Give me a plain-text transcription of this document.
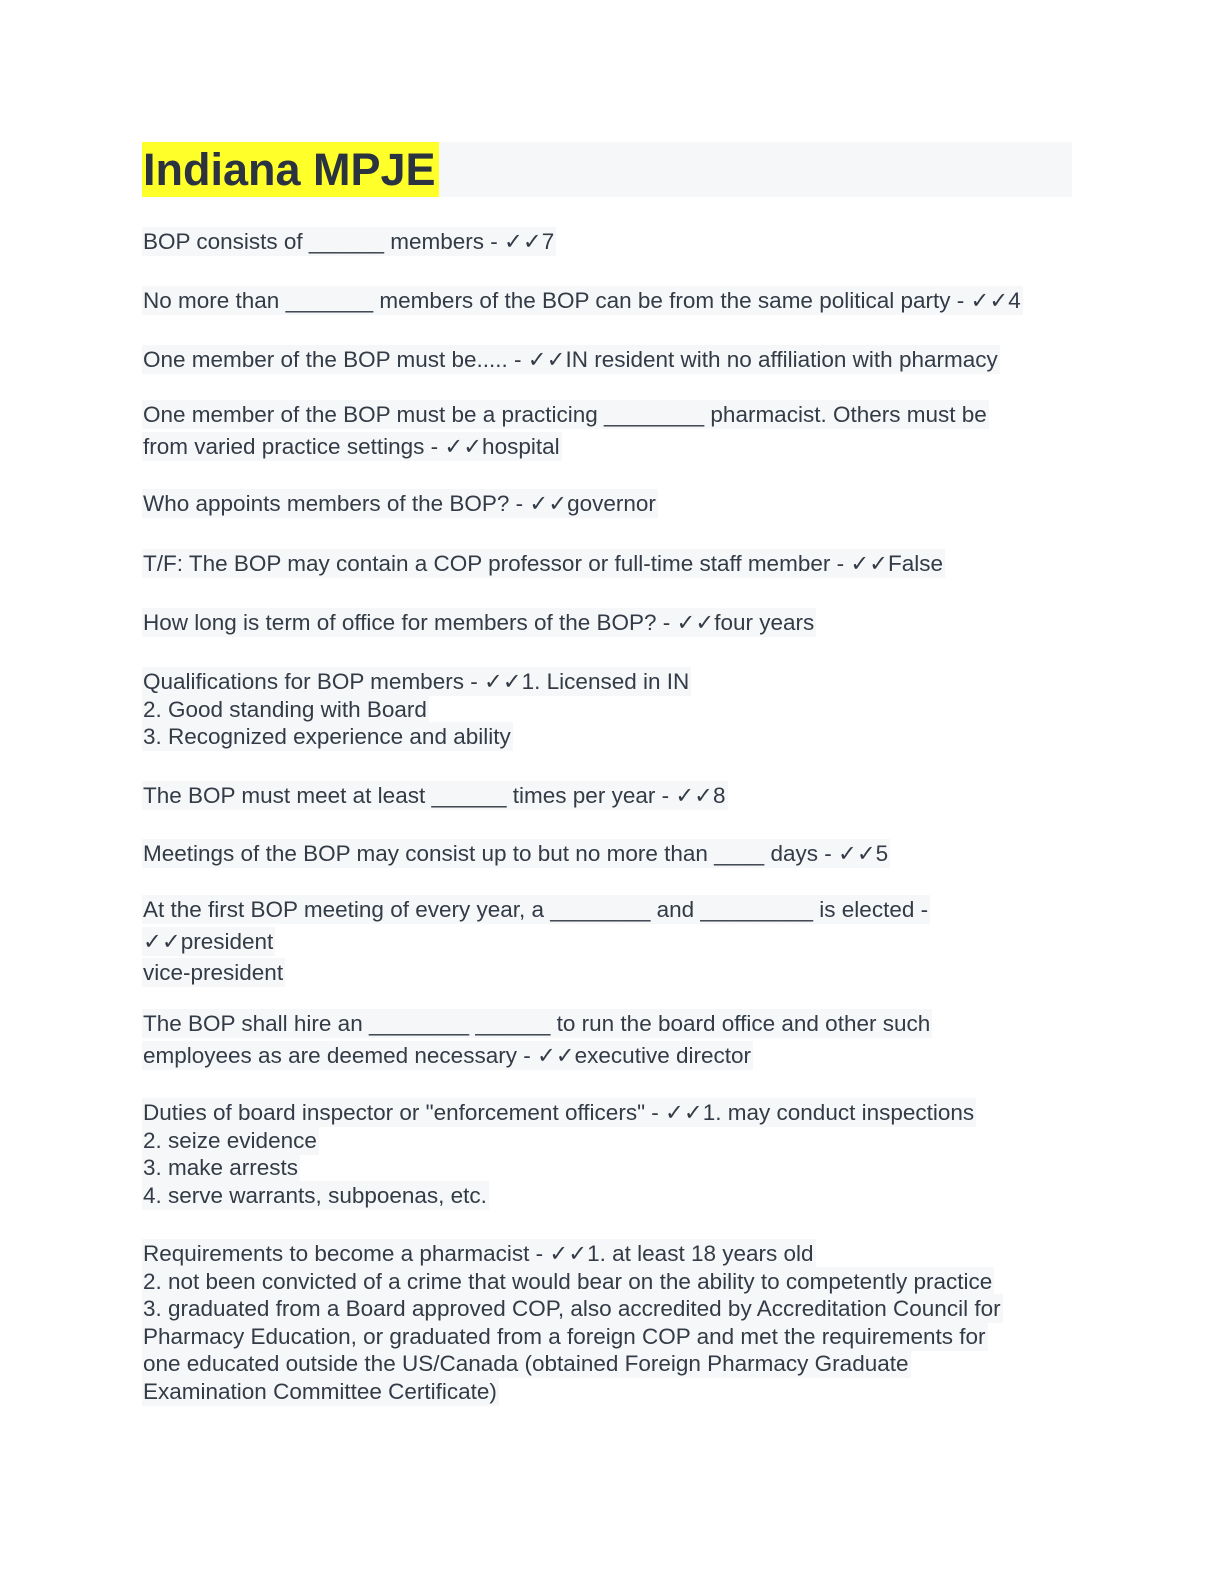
Indiana MPJE
BOP consists of ______ members - ✓✓7
No more than _______ members of the BOP can be from the same political party - ✓✓4
One member of the BOP must be..... - ✓✓IN resident with no affiliation with pharmacy
One member of the BOP must be a practicing ________ pharmacist. Others must be
from varied practice settings - ✓✓hospital
Who appoints members of the BOP? - ✓✓governor
T/F: The BOP may contain a COP professor or full-time staff member - ✓✓False
How long is term of office for members of the BOP? - ✓✓four years
Qualifications for BOP members - ✓✓1. Licensed in IN
2. Good standing with Board
3. Recognized experience and ability
The BOP must meet at least ______ times per year - ✓✓8
Meetings of the BOP may consist up to but no more than ____ days - ✓✓5
At the first BOP meeting of every year, a ________ and _________ is elected -
✓✓president
vice-president
The BOP shall hire an ________ ______ to run the board office and other such
employees as are deemed necessary - ✓✓executive director
Duties of board inspector or "enforcement officers" - ✓✓1. may conduct inspections
2. seize evidence
3. make arrests
4. serve warrants, subpoenas, etc.
Requirements to become a pharmacist - ✓✓1. at least 18 years old
2. not been convicted of a crime that would bear on the ability to competently practice
3. graduated from a Board approved COP, also accredited by Accreditation Council for
Pharmacy Education, or graduated from a foreign COP and met the requirements for
one educated outside the US/Canada (obtained Foreign Pharmacy Graduate
Examination Committee Certificate)
